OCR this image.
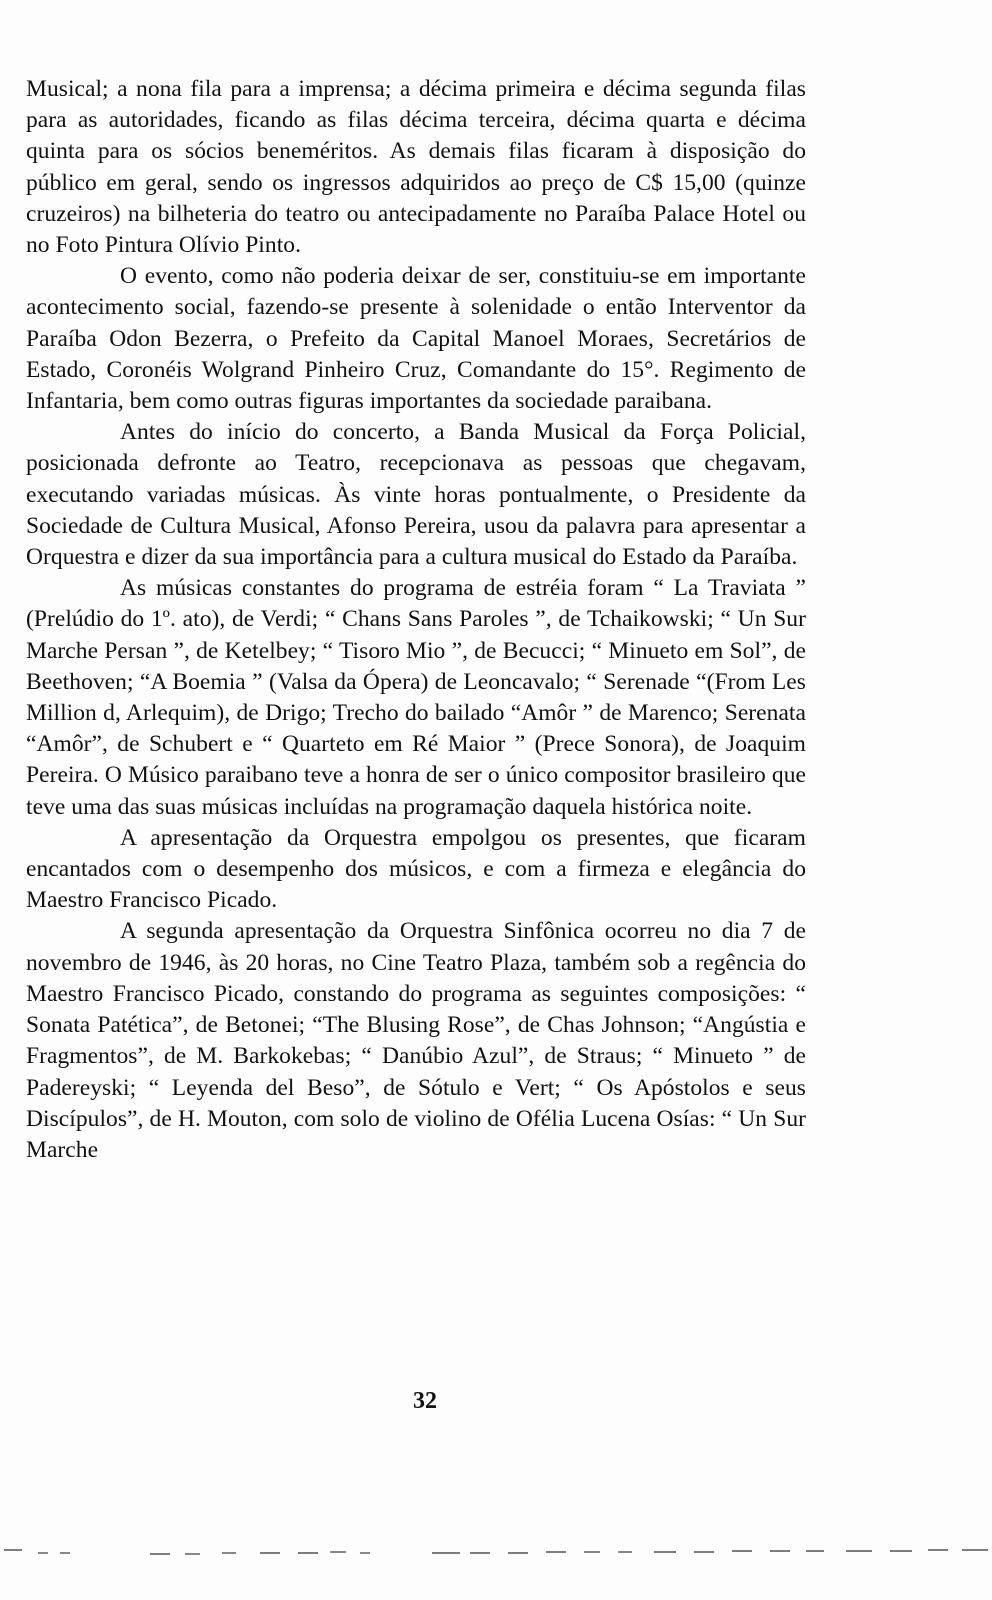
Musical; a nona fila para a imprensa; a décima primeira e décima segunda filas para as autoridades, ficando as filas décima terceira, décima quarta e décima quinta para os sócios beneméritos. As demais filas ficaram à disposição do público em geral, sendo os ingressos adquiridos ao preço de C$ 15,00 (quinze cruzeiros) na bilheteria do teatro ou antecipadamente no Paraíba Palace Hotel ou no Foto Pintura Olívio Pinto.

O evento, como não poderia deixar de ser, constituiu-se em importante acontecimento social, fazendo-se presente à solenidade o então Interventor da Paraíba Odon Bezerra, o Prefeito da Capital Manoel Moraes, Secretários de Estado, Coronéis Wolgrand Pinheiro Cruz, Comandante do 15°. Regimento de Infantaria, bem como outras figuras importantes da sociedade paraibana.

Antes do início do concerto, a Banda Musical da Força Policial, posicionada defronte ao Teatro, recepcionava as pessoas que chegavam, executando variadas músicas. Às vinte horas pontualmente, o Presidente da Sociedade de Cultura Musical, Afonso Pereira, usou da palavra para apresentar a Orquestra e dizer da sua importância para a cultura musical do Estado da Paraíba.

As músicas constantes do programa de estréia foram “ La Traviata ” (Prelúdio do 1º. ato), de Verdi; “ Chans Sans Paroles ”, de Tchaikowski; “ Un Sur Marche Persan ”, de Ketelbey; “ Tisoro Mio ”, de Becucci; “ Minueto em Sol”, de Beethoven; “A Boemia ” (Valsa da Ópera) de Leoncavalo; “ Serenade “(From Les Million d, Arlequim), de Drigo; Trecho do bailado “Amôr ” de Marenco; Serenata “Amôr”, de Schubert e “ Quarteto em Ré Maior ” (Prece Sonora), de Joaquim Pereira. O Músico paraibano teve a honra de ser o único compositor brasileiro que teve uma das suas músicas incluídas na programação daquela histórica noite.

A apresentação da Orquestra empolgou os presentes, que ficaram encantados com o desempenho dos músicos, e com a firmeza e elegância do Maestro Francisco Picado.

A segunda apresentação da Orquestra Sinfônica ocorreu no dia 7 de novembro de 1946, às 20 horas, no Cine Teatro Plaza, também sob a regência do Maestro Francisco Picado, constando do programa as seguintes composições: “ Sonata Patética”, de Betonei; “The Blusing Rose”, de Chas Johnson; “Angústia e Fragmentos”, de M. Barkokebas; “ Danúbio Azul”, de Straus; “ Minueto ” de Padereyski; “ Leyenda del Beso”, de Sótulo e Vert; “ Os Apóstolos e seus Discípulos”, de H. Mouton, com solo de violino de Ofélia Lucena Osías: “ Un Sur Marche

32
